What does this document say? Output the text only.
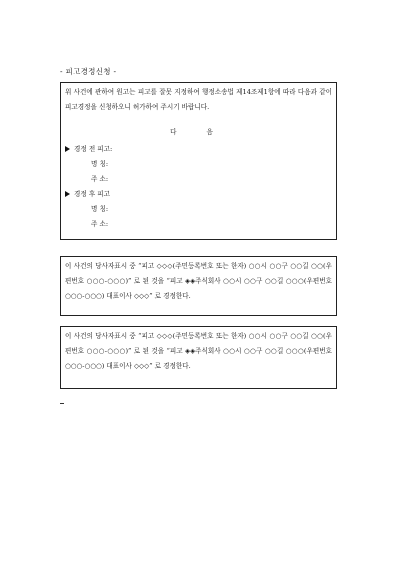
- 피고경정신청 -
위 사건에 관하여 원고는 피고를 잘못 지정하여 행정소송법 제14조제1항에 따라 다음과 같이 피고경정을 신청하오니 허가하여 주시기 바랍니다.
다 음
경정 전 피고:
명 칭:
주 소:
경정 후 피고
명 칭:
주 소:
이 사건의 당사자표시 중 “피고 ◇◇◇(주민등록번호 또는 한자) ○○시 ○○구 ○○길 ○○(우편번호 ○○○-○○○)” 로 된 것을 “피고 ◈◈주식회사 ○○시 ○○구 ○○길 ○○○(우편번호 ○○○-○○○) 대표이사 ◇◇◇” 로 경정한다.
이 사건의 당사자표시 중 “피고 ◇◇◇(주민등록번호 또는 한자) ○○시 ○○구 ○○길 ○○(우편번호 ○○○-○○○)” 로 된 것을 “피고 ◈◈주식회사 ○○시 ○○구 ○○길 ○○○(우편번호 ○○○-○○○) 대표이사 ◇◇◇” 로 경정한다.
